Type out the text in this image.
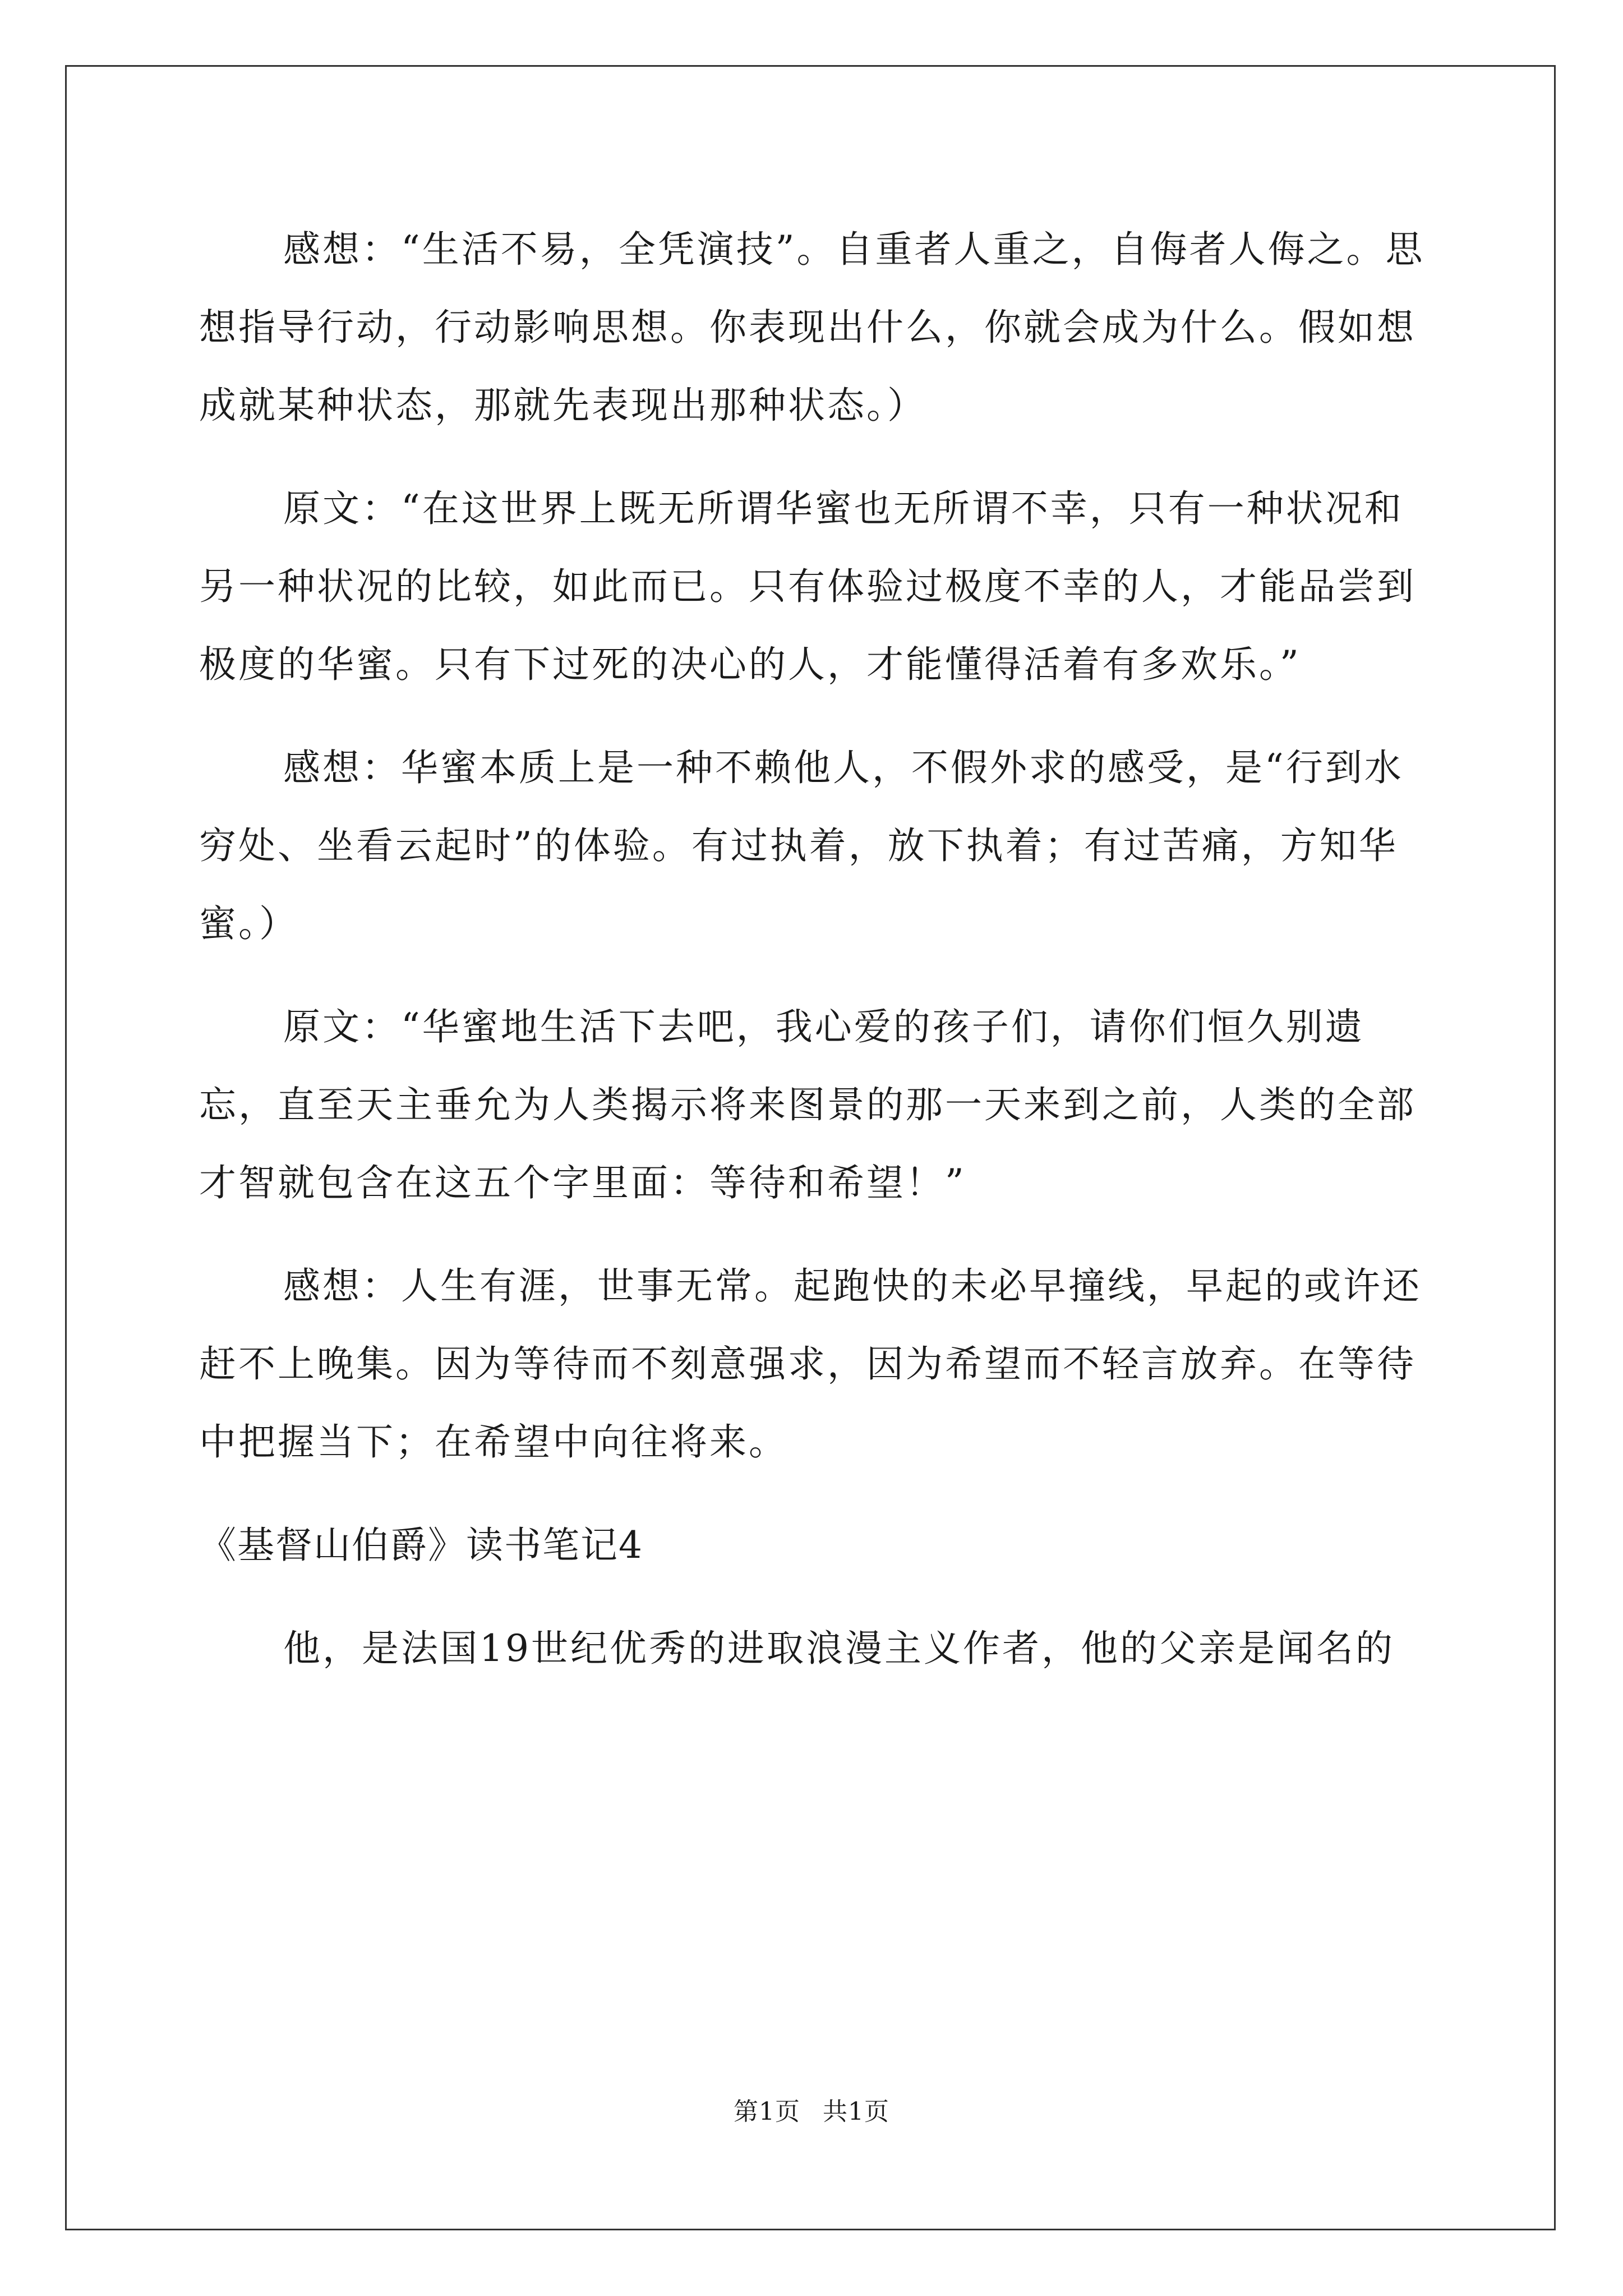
感想：“生活不易，全凭演技”。自重者人重之，自侮者人侮之。思想指导行动，行动影响思想。你表现出什么，你就会成为什么。假如想成就某种状态，那就先表现出那种状态。）

原文：“在这世界上既无所谓华蜜也无所谓不幸，只有一种状况和另一种状况的比较，如此而已。只有体验过极度不幸的人，才能品尝到极度的华蜜。只有下过死的决心的人，才能懂得活着有多欢乐。”

感想：华蜜本质上是一种不赖他人，不假外求的感受，是“行到水穷处、坐看云起时”的体验。有过执着，放下执着；有过苦痛，方知华蜜。）

原文：“华蜜地生活下去吧，我心爱的孩子们，请你们恒久别遗忘，直至天主垂允为人类揭示将来图景的那一天来到之前，人类的全部才智就包含在这五个字里面：等待和希望！”

感想：人生有涯，世事无常。起跑快的未必早撞线，早起的或许还赶不上晚集。因为等待而不刻意强求，因为希望而不轻言放弃。在等待中把握当下；在希望中向往将来。

《基督山伯爵》读书笔记4

他，是法国19世纪优秀的进取浪漫主义作者，他的父亲是闻名的

第1页 共1页
